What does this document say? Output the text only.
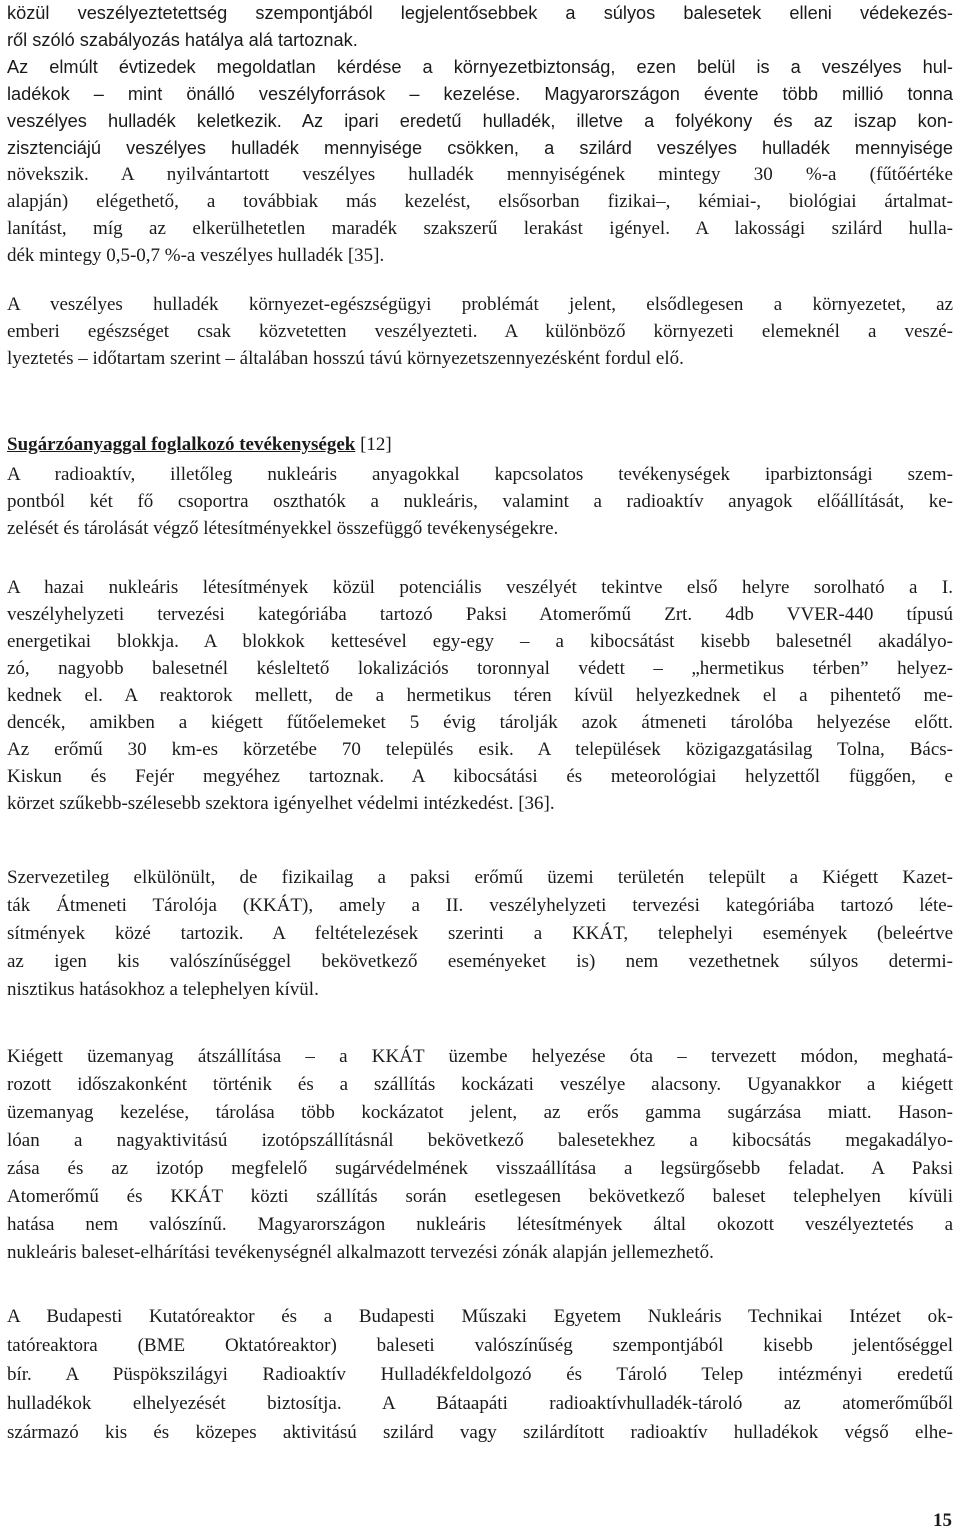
közül veszélyeztetettség szempontjából legjelentősebbek a súlyos balesetek elleni védekezés-
ről szóló szabályozás hatálya alá tartoznak.
Az elmúlt évtizedek megoldatlan kérdése a környezetbiztonság, ezen belül is a veszélyes hul-
ladékok – mint önálló veszélyforrások – kezelése. Magyarországon évente több millió tonna
veszélyes hulladék keletkezik. Az ipari eredetű hulladék, illetve a folyékony és az iszap kon-
zisztenciájú veszélyes hulladék mennyisége csökken, a szilárd veszélyes hulladék mennyisége
növekszik. A nyilvántartott veszélyes hulladék mennyiségének mintegy 30 %-a (fűtőértéke
alapján) elégethető, a továbbiak más kezelést, elsősorban fizikai–, kémiai-, biológiai ártalmat-
lanítást, míg az elkerülhetetlen maradék szakszerű lerakást igényel. A lakossági szilárd hulla-
dék mintegy 0,5-0,7 %-a veszélyes hulladék [35].
A veszélyes hulladék környezet-egészségügyi problémát jelent, elsődlegesen a környezetet, az
emberi egészséget csak közvetetten veszélyezteti. A különböző környezeti elemeknél a veszé-
lyeztetés – időtartam szerint – általában hosszú távú környezetszennyezésként fordul elő.
Sugárzóanyaggal foglalkozó tevékenységek [12]
A radioaktív, illetőleg nukleáris anyagokkal kapcsolatos tevékenységek iparbiztonsági szem-
pontból két fő csoportra oszthatók a nukleáris, valamint a radioaktív anyagok előállítását, ke-
zelését és tárolását végző létesítményekkel összefüggő tevékenységekre.
A hazai nukleáris létesítmények közül potenciális veszélyét tekintve első helyre sorolható a I.
veszélyhelyzeti tervezési kategóriába tartozó Paksi Atomerőmű Zrt. 4db VVER-440 típusú
energetikai blokkja. A blokkok kettesével egy-egy – a kibocsátást kisebb balesetnél akadályo-
zó, nagyobb balesetnél késleltető lokalizációs toronnyal védett – „hermetikus térben” helyez-
kednek el. A reaktorok mellett, de a hermetikus téren kívül helyezkednek el a pihentető me-
dencék, amikben a kiégett fűtőelemeket 5 évig tárolják azok átmeneti tárolóba helyezése előtt.
Az erőmű 30 km-es körzetébe 70 település esik. A települések közigazgatásilag Tolna, Bács-
Kiskun és Fejér megyéhez tartoznak. A kibocsátási és meteorológiai helyzettől függően, e
körzet szűkebb-szélesebb szektora igényelhet védelmi intézkedést. [36].
Szervezetileg elkülönült, de fizikailag a paksi erőmű üzemi területén települt a Kiégett Kazet-
ták Átmeneti Tárolója (KKÁT), amely a II. veszélyhelyzeti tervezési kategóriába tartozó léte-
sítmények közé tartozik. A feltételezések szerinti a KKÁT, telephelyi események (beleértve
az igen kis valószínűséggel bekövetkező eseményeket is) nem vezethetnek súlyos determi-
nisztikus hatásokhoz a telephelyen kívül.
Kiégett üzemanyag átszállítása – a KKÁT üzembe helyezése óta – tervezett módon, meghatá-
rozott időszakonként történik és a szállítás kockázati veszélye alacsony. Ugyanakkor a kiégett
üzemanyag kezelése, tárolása több kockázatot jelent, az erős gamma sugárzása miatt. Hason-
lóan a nagyaktivitású izotópszállításnál bekövetkező balesetekhez a kibocsátás megakadályo-
zása és az izotóp megfelelő sugárvédelmének visszaállítása a legsürgősebb feladat. A Paksi
Atomerőmű és KKÁT közti szállítás során esetlegesen bekövetkező baleset telephelyen kívüli
hatása nem valószínű. Magyarországon nukleáris létesítmények által okozott veszélyeztetés a
nukleáris baleset-elhárítási tevékenységnél alkalmazott tervezési zónák alapján jellemezhető.
A Budapesti Kutatóreaktor és a Budapesti Műszaki Egyetem Nukleáris Technikai Intézet ok-
tatóreaktora (BME Oktatóreaktor) baleseti valószínűség szempontjából kisebb jelentőséggel
bír. A Püspökszilágyi Radioaktív Hulladékfeldolgozó és Tároló Telep intézményi eredetű
hulladékok elhelyezését biztosítja. A Bátaapáti radioaktívhulladék-tároló az atomerőműből
származó kis és közepes aktivitású szilárd vagy szilárdított radioaktív hulladékok végső elhe-
15
